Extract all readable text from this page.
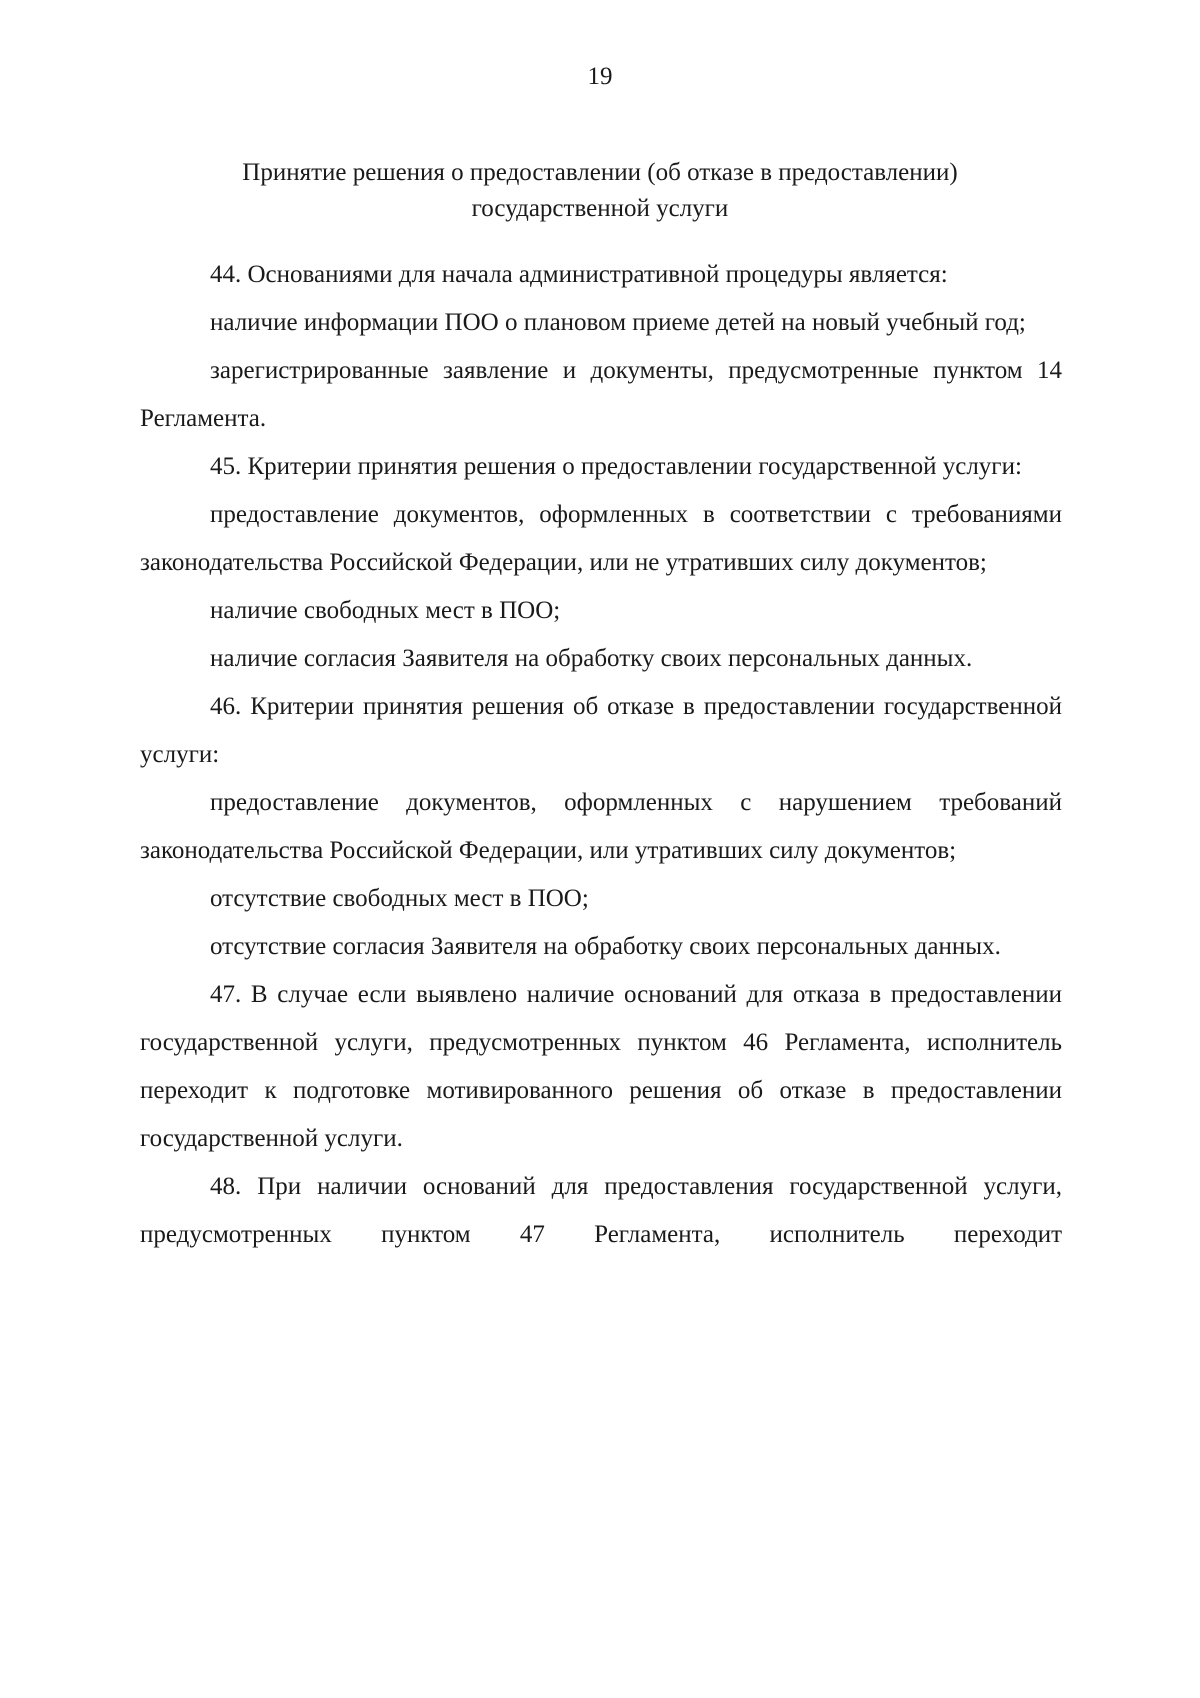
19
Принятие решения о предоставлении (об отказе в предоставлении)
государственной услуги

44. Основаниями для начала административной процедуры является:

наличие информации ПОО о плановом приеме детей на новый учебный год;

зарегистрированные заявление и документы, предусмотренные пунктом 14 Регламента.

45. Критерии принятия решения о предоставлении государственной услуги:

предоставление документов, оформленных в соответствии с требованиями законодательства Российской Федерации, или не утративших силу документов;

наличие свободных мест в ПОО;

наличие согласия Заявителя на обработку своих персональных данных.

46. Критерии принятия решения об отказе в предоставлении государственной услуги:

предоставление документов, оформленных с нарушением требований законодательства Российской Федерации, или утративших силу документов;

отсутствие свободных мест в ПОО;

отсутствие согласия Заявителя на обработку своих персональных данных.

47. В случае если выявлено наличие оснований для отказа в предоставлении государственной услуги, предусмотренных пунктом 46 Регламента, исполнитель переходит к подготовке мотивированного решения об отказе в предоставлении государственной услуги.

48. При наличии оснований для предоставления государственной услуги, предусмотренных пунктом 47 Регламента, исполнитель переходит
